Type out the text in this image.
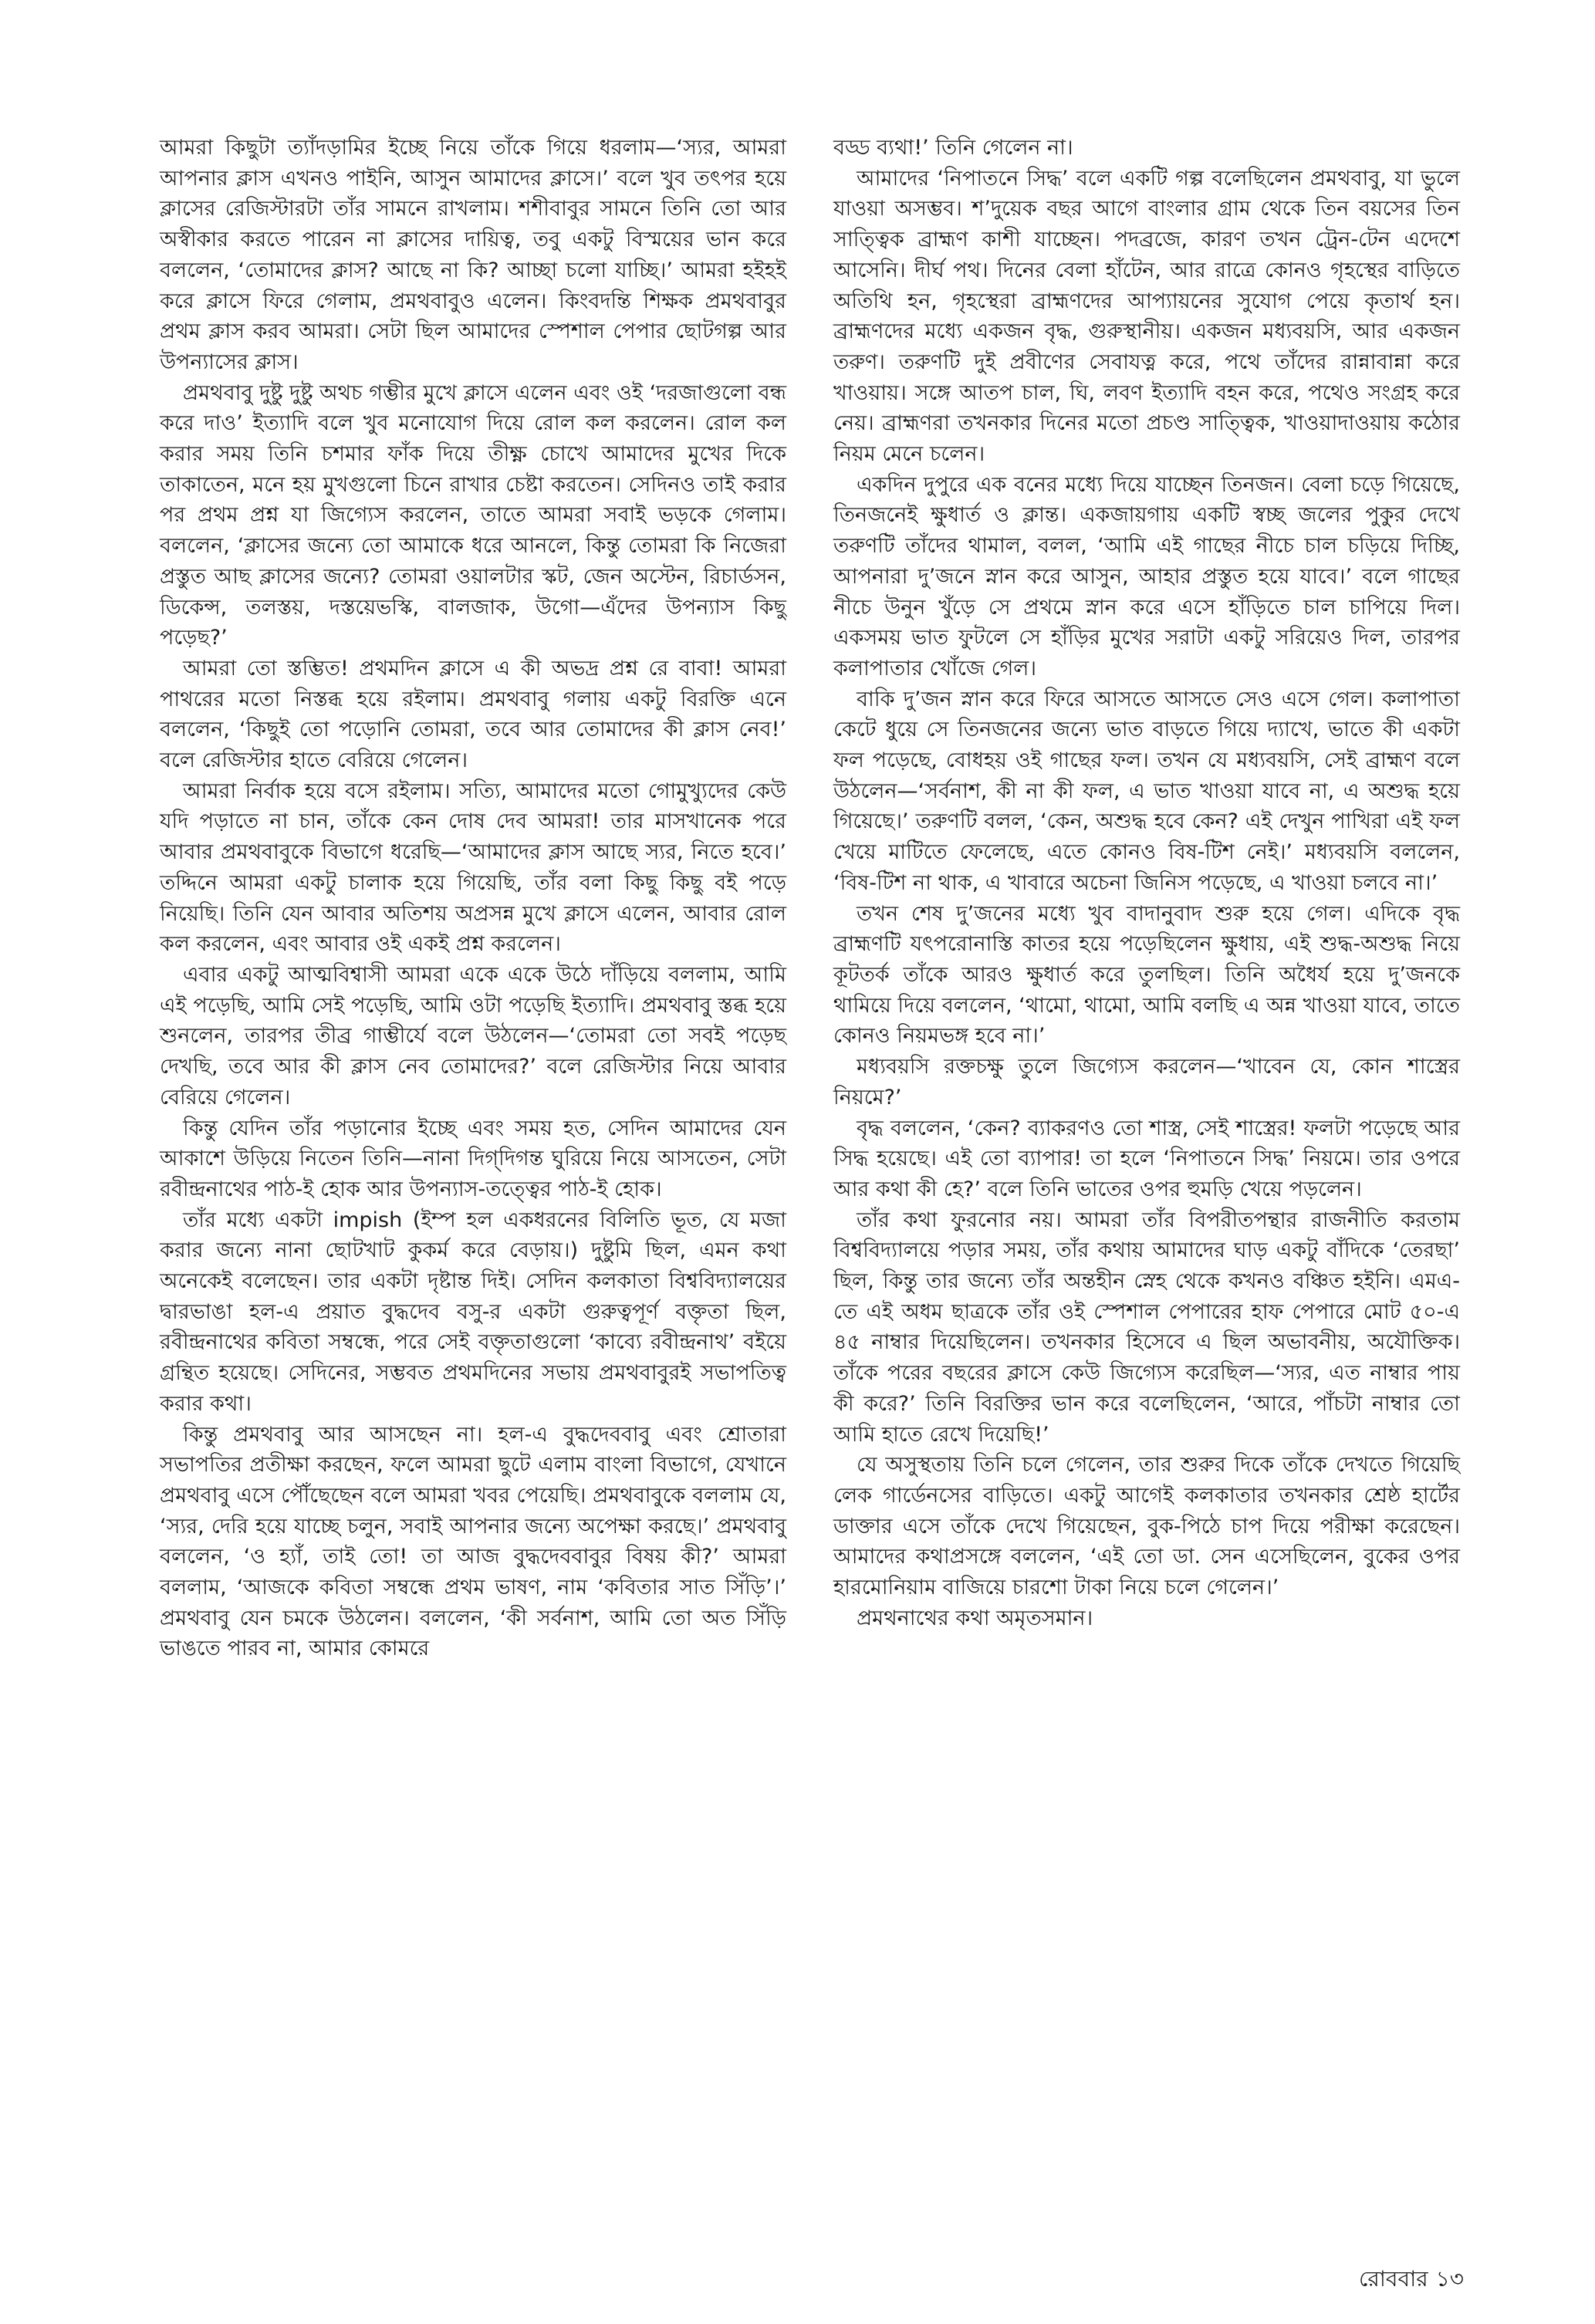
আমরা কিছুটা ত্যাঁদড়ামির ইচ্ছে নিয়ে তাঁকে গিয়ে ধরলাম—‘স্যর, আমরা আপনার ক্লাস এখনও পাইনি, আসুন আমাদের ক্লাসে।’ বলে খুব তৎপর হয়ে ক্লাসের রেজিস্টারটা তাঁর সামনে রাখলাম। শশীবাবুর সামনে তিনি তো আর অস্বীকার করতে পারেন না ক্লাসের দায়িত্ব, তবু একটু বিস্ময়ের ভান করে বললেন, ‘তোমাদের ক্লাস? আছে না কি? আচ্ছা চলো যাচ্ছি।’ আমরা হইহই করে ক্লাসে ফিরে গেলাম, প্রমথবাবুও এলেন। কিংবদন্তি শিক্ষক প্রমথবাবুর প্রথম ক্লাস করব আমরা। সেটা ছিল আমাদের স্পেশাল পেপার ছোটগল্প আর উপন্যাসের ক্লাস।

প্রমথবাবু দুষ্টু দুষ্টু অথচ গম্ভীর মুখে ক্লাসে এলেন এবং ওই ‘দরজাগুলো বন্ধ করে দাও’ ইত্যাদি বলে খুব মনোযোগ দিয়ে রোল কল করলেন। রোল কল করার সময় তিনি চশমার ফাঁক দিয়ে তীক্ষ্ণ চোখে আমাদের মুখের দিকে তাকাতেন, মনে হয় মুখগুলো চিনে রাখার চেষ্টা করতেন। সেদিনও তাই করার পর প্রথম প্রশ্ন যা জিগ্যেস করলেন, তাতে আমরা সবাই ভড়কে গেলাম। বললেন, ‘ক্লাসের জন্যে তো আমাকে ধরে আনলে, কিন্তু তোমরা কি নিজেরা প্রস্তুত আছ ক্লাসের জন্যে? তোমরা ওয়ালটার স্কট, জেন অস্টেন, রিচার্ডসন, ডিকেন্স, তলস্তয়, দস্তয়েভস্কি, বালজাক, উগো—এঁদের উপন্যাস কিছু পড়েছ?’

আমরা তো স্তম্ভিত! প্রথমদিন ক্লাসে এ কী অভদ্র প্রশ্ন রে বাবা! আমরা পাথরের মতো নিস্তব্ধ হয়ে রইলাম। প্রমথবাবু গলায় একটু বিরক্তি এনে বললেন, ‘কিছুই তো পড়োনি তোমরা, তবে আর তোমাদের কী ক্লাস নেব!’ বলে রেজিস্টার হাতে বেরিয়ে গেলেন।

আমরা নির্বাক হয়ে বসে রইলাম। সত্যি, আমাদের মতো গোমুখ্যুদের কেউ যদি পড়াতে না চান, তাঁকে কেন দোষ দেব আমরা! তার মাসখানেক পরে আবার প্রমথবাবুকে বিভাগে ধরেছি—‘আমাদের ক্লাস আছে স্যর, নিতে হবে।’ তদ্দিনে আমরা একটু চালাক হয়ে গিয়েছি, তাঁর বলা কিছু কিছু বই পড়ে নিয়েছি। তিনি যেন আবার অতিশয় অপ্রসন্ন মুখে ক্লাসে এলেন, আবার রোল কল করলেন, এবং আবার ওই একই প্রশ্ন করলেন।

এবার একটু আত্মবিশ্বাসী আমরা একে একে উঠে দাঁড়িয়ে বললাম, আমি এই পড়েছি, আমি সেই পড়েছি, আমি ওটা পড়েছি ইত্যাদি। প্রমথবাবু স্তব্ধ হয়ে শুনলেন, তারপর তীব্র গাম্ভীর্যে বলে উঠলেন—‘তোমরা তো সবই পড়েছ দেখছি, তবে আর কী ক্লাস নেব তোমাদের?’ বলে রেজিস্টার নিয়ে আবার বেরিয়ে গেলেন।

কিন্তু যেদিন তাঁর পড়ানোর ইচ্ছে এবং সময় হত, সেদিন আমাদের যেন আকাশে উড়িয়ে নিতেন তিনি—নানা দিগ্‌দিগন্ত ঘুরিয়ে নিয়ে আসতেন, সেটা রবীন্দ্রনাথের পাঠ-ই হোক আর উপন্যাস-তত্ত্বের পাঠ-ই হোক।

তাঁর মধ্যে একটা impish (ইম্প হল একধরনের বিলিতি ভূত, যে মজা করার জন্যে নানা ছোটখাট কুকর্ম করে বেড়ায়।) দুষ্টুমি ছিল, এমন কথা অনেকেই বলেছেন। তার একটা দৃষ্টান্ত দিই। সেদিন কলকাতা বিশ্ববিদ্যালয়ের দ্বারভাঙা হল-এ প্রয়াত বুদ্ধদেব বসু-র একটা গুরুত্বপূর্ণ বক্তৃতা ছিল, রবীন্দ্রনাথের কবিতা সম্বন্ধে, পরে সেই বক্তৃতাগুলো ‘কাব্যে রবীন্দ্রনাথ’ বইয়ে গ্রন্থিত হয়েছে। সেদিনের, সম্ভবত প্রথমদিনের সভায় প্রমথবাবুরই সভাপতিত্ব করার কথা।

কিন্তু প্রমথবাবু আর আসছেন না। হল-এ বুদ্ধদেববাবু এবং শ্রোতারা সভাপতির প্রতীক্ষা করছেন, ফলে আমরা ছুটে এলাম বাংলা বিভাগে, যেখানে প্রমথবাবু এসে পৌঁছেছেন বলে আমরা খবর পেয়েছি। প্রমথবাবুকে বললাম যে, ‘স্যর, দেরি হয়ে যাচ্ছে চলুন, সবাই আপনার জন্যে অপেক্ষা করছে।’ প্রমথবাবু বললেন, ‘ও হ্যাঁ, তাই তো! তা আজ বুদ্ধদেববাবুর বিষয় কী?’ আমরা বললাম, ‘আজকে কবিতা সম্বন্ধে প্রথম ভাষণ, নাম ‘কবিতার সাত সিঁড়ি’।’ প্রমথবাবু যেন চমকে উঠলেন। বললেন, ‘কী সর্বনাশ, আমি তো অত সিঁড়ি ভাঙতে পারব না, আমার কোমরে

বড্ড ব্যথা!’ তিনি গেলেন না।

আমাদের ‘নিপাতনে সিদ্ধ’ বলে একটি গল্প বলেছিলেন প্রমথবাবু, যা ভুলে যাওয়া অসম্ভব। শ’দুয়েক বছর আগে বাংলার গ্রাম থেকে তিন বয়সের তিন সাত্ত্বিক ব্রাহ্মণ কাশী যাচ্ছেন। পদব্রজে, কারণ তখন ট্রেন-টেন এদেশে আসেনি। দীর্ঘ পথ। দিনের বেলা হাঁটেন, আর রাত্রে কোনও গৃহস্থের বাড়িতে অতিথি হন, গৃহস্থেরা ব্রাহ্মণদের আপ্যায়নের সুযোগ পেয়ে কৃতার্থ হন। ব্রাহ্মণদের মধ্যে একজন বৃদ্ধ, গুরুস্থানীয়। একজন মধ্যবয়সি, আর একজন তরুণ। তরুণটি দুই প্রবীণের সেবাযত্ন করে, পথে তাঁদের রান্নাবান্না করে খাওয়ায়। সঙ্গে আতপ চাল, ঘি, লবণ ইত্যাদি বহন করে, পথেও সংগ্রহ করে নেয়। ব্রাহ্মণরা তখনকার দিনের মতো প্রচণ্ড সাত্ত্বিক, খাওয়াদাওয়ায় কঠোর নিয়ম মেনে চলেন।

একদিন দুপুরে এক বনের মধ্যে দিয়ে যাচ্ছেন তিনজন। বেলা চড়ে গিয়েছে, তিনজনেই ক্ষুধার্ত ও ক্লান্ত। একজায়গায় একটি স্বচ্ছ জলের পুকুর দেখে তরুণটি তাঁদের থামাল, বলল, ‘আমি এই গাছের নীচে চাল চড়িয়ে দিচ্ছি, আপনারা দু’জনে স্নান করে আসুন, আহার প্রস্তুত হয়ে যাবে।’ বলে গাছের নীচে উনুন খুঁড়ে সে প্রথমে স্নান করে এসে হাঁড়িতে চাল চাপিয়ে দিল। একসময় ভাত ফুটলে সে হাঁড়ির মুখের সরাটা একটু সরিয়েও দিল, তারপর কলাপাতার খোঁজে গেল।

বাকি দু’জন স্নান করে ফিরে আসতে আসতে সেও এসে গেল। কলাপাতা কেটে ধুয়ে সে তিনজনের জন্যে ভাত বাড়তে গিয়ে দ্যাখে, ভাতে কী একটা ফল পড়েছে, বোধহয় ওই গাছের ফল। তখন যে মধ্যবয়সি, সেই ব্রাহ্মণ বলে উঠলেন—‘সর্বনাশ, কী না কী ফল, এ ভাত খাওয়া যাবে না, এ অশুদ্ধ হয়ে গিয়েছে।’ তরুণটি বলল, ‘কেন, অশুদ্ধ হবে কেন? এই দেখুন পাখিরা এই ফল খেয়ে মাটিতে ফেলেছে, এতে কোনও বিষ-টিশ নেই।’ মধ্যবয়সি বললেন, ‘বিষ-টিশ না থাক, এ খাবারে অচেনা জিনিস পড়েছে, এ খাওয়া চলবে না।’

তখন শেষ দু’জনের মধ্যে খুব বাদানুবাদ শুরু হয়ে গেল। এদিকে বৃদ্ধ ব্রাহ্মণটি যৎপরোনাস্তি কাতর হয়ে পড়েছিলেন ক্ষুধায়, এই শুদ্ধ-অশুদ্ধ নিয়ে কূটতর্ক তাঁকে আরও ক্ষুধার্ত করে তুলছিল। তিনি অধৈর্য হয়ে দু’জনকে থামিয়ে দিয়ে বললেন, ‘থামো, থামো, আমি বলছি এ অন্ন খাওয়া যাবে, তাতে কোনও নিয়মভঙ্গ হবে না।’

মধ্যবয়সি রক্তচক্ষু তুলে জিগ্যেস করলেন—‘খাবেন যে, কোন শাস্ত্রের নিয়মে?’

বৃদ্ধ বললেন, ‘কেন? ব্যাকরণও তো শাস্ত্র, সেই শাস্ত্রের! ফলটা পড়েছে আর সিদ্ধ হয়েছে। এই তো ব্যাপার! তা হলে ‘নিপাতনে সিদ্ধ’ নিয়মে। তার ওপরে আর কথা কী হে?’ বলে তিনি ভাতের ওপর হুমড়ি খেয়ে পড়লেন।

তাঁর কথা ফুরনোর নয়। আমরা তাঁর বিপরীতপন্থার রাজনীতি করতাম বিশ্ববিদ্যালয়ে পড়ার সময়, তাঁর কথায় আমাদের ঘাড় একটু বাঁদিকে ‘তেরছা’ ছিল, কিন্তু তার জন্যে তাঁর অন্তহীন স্নেহ থেকে কখনও বঞ্চিত হইনি। এমএ-তে এই অধম ছাত্রকে তাঁর ওই স্পেশাল পেপারের হাফ পেপারে মোট ৫০-এ ৪৫ নাম্বার দিয়েছিলেন। তখনকার হিসেবে এ ছিল অভাবনীয়, অযৌক্তিক। তাঁকে পরের বছরের ক্লাসে কেউ জিগ্যেস করেছিল—‘স্যর, এত নাম্বার পায় কী করে?’ তিনি বিরক্তির ভান করে বলেছিলেন, ‘আরে, পাঁচটা নাম্বার তো আমি হাতে রেখে দিয়েছি!’

যে অসুস্থতায় তিনি চলে গেলেন, তার শুরুর দিকে তাঁকে দেখতে গিয়েছি লেক গার্ডেনসের বাড়িতে। একটু আগেই কলকাতার তখনকার শ্রেষ্ঠ হার্টের ডাক্তার এসে তাঁকে দেখে গিয়েছেন, বুক-পিঠে চাপ দিয়ে পরীক্ষা করেছেন। আমাদের কথাপ্রসঙ্গে বললেন, ‘এই তো ডা. সেন এসেছিলেন, বুকের ওপর হারমোনিয়াম বাজিয়ে চারশো টাকা নিয়ে চলে গেলেন।’

প্রমথনাথের কথা অমৃতসমান।

রোববার ১৩
